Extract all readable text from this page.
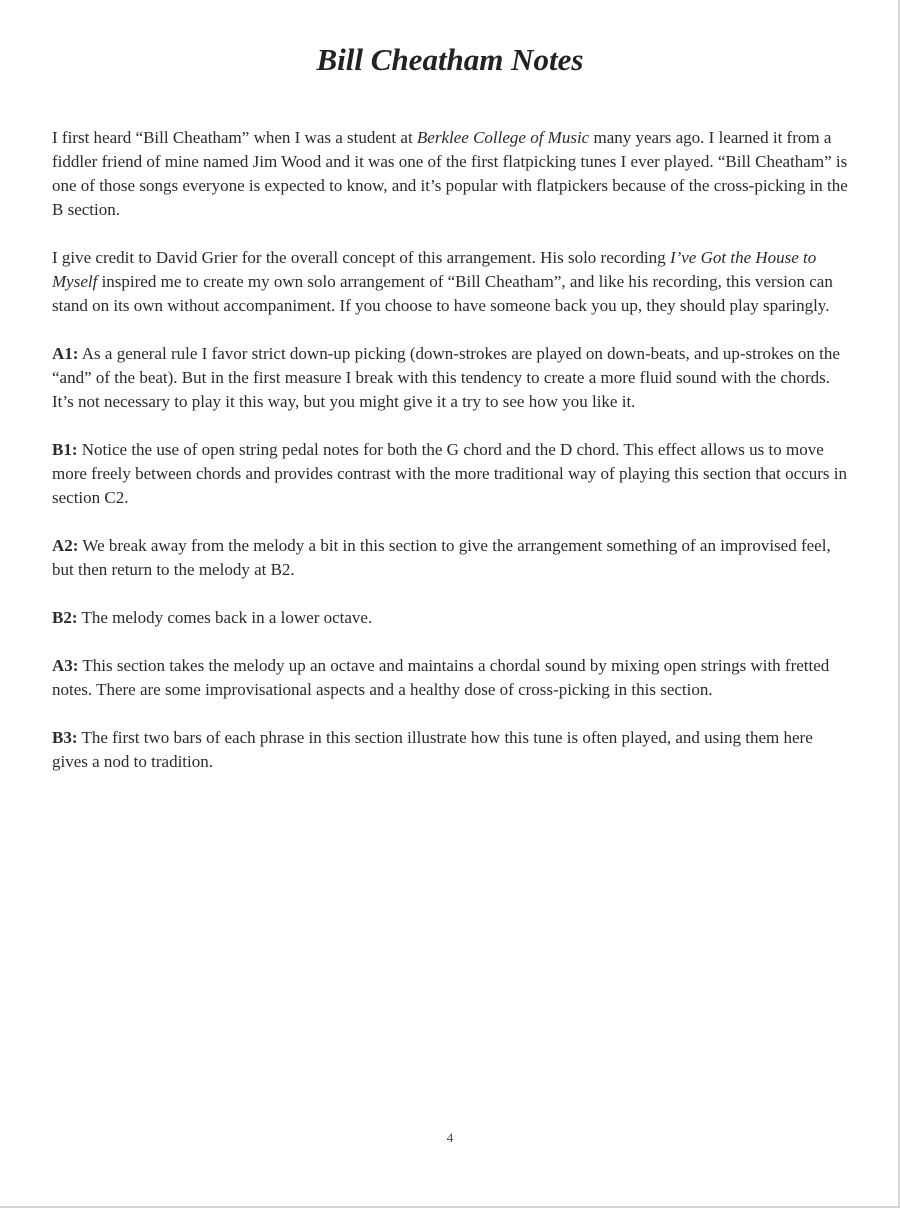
Bill Cheatham Notes

I first heard “Bill Cheatham” when I was a student at Berklee College of Music many years ago. I learned it from a fiddler friend of mine named Jim Wood and it was one of the first flatpicking tunes I ever played. “Bill Cheatham” is one of those songs everyone is expected to know, and it’s popular with flatpickers because of the cross-picking in the B section.

I give credit to David Grier for the overall concept of this arrangement. His solo recording I’ve Got the House to Myself inspired me to create my own solo arrangement of “Bill Cheatham”, and like his recording, this version can stand on its own without accompaniment. If you choose to have someone back you up, they should play sparingly.

A1: As a general rule I favor strict down-up picking (down-strokes are played on down-beats, and up-strokes on the “and” of the beat). But in the first measure I break with this tendency to create a more fluid sound with the chords. It’s not necessary to play it this way, but you might give it a try to see how you like it.

B1: Notice the use of open string pedal notes for both the G chord and the D chord. This effect allows us to move more freely between chords and provides contrast with the more traditional way of playing this section that occurs in section C2.

A2: We break away from the melody a bit in this section to give the arrangement something of an improvised feel, but then return to the melody at B2.

B2: The melody comes back in a lower octave.

A3: This section takes the melody up an octave and maintains a chordal sound by mixing open strings with fretted notes. There are some improvisational aspects and a healthy dose of cross-picking in this section.

B3: The first two bars of each phrase in this section illustrate how this tune is often played, and using them here gives a nod to tradition.

4
